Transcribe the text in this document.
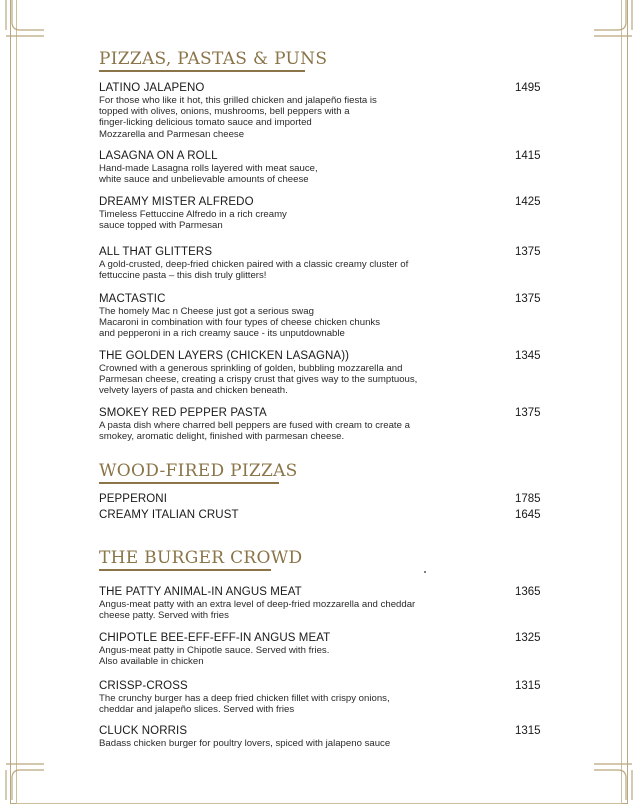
PIZZAS, PASTAS & PUNS
LATINO JALAPENO
For those who like it hot, this grilled chicken and jalapeño fiesta is
topped with olives, onions, mushrooms, bell peppers with a
finger-licking delicious tomato sauce and imported
Mozzarella and Parmesan cheese
1495
LASAGNA ON A ROLL
Hand-made Lasagna rolls layered with meat sauce,
white sauce and unbelievable amounts of cheese
1415
DREAMY MISTER ALFREDO
Timeless Fettuccine Alfredo in a rich creamy
sauce topped with Parmesan
1425
ALL THAT GLITTERS
A gold-crusted, deep-fried chicken paired with a classic creamy cluster of
fettuccine pasta – this dish truly glitters!
1375
MACTASTIC
The homely Mac n Cheese just got a serious swag
Macaroni in combination with four types of cheese chicken chunks
and pepperoni in a rich creamy sauce - its unputdownable
1375
THE GOLDEN LAYERS (CHICKEN LASAGNA))
Crowned with a generous sprinkling of golden, bubbling mozzarella and
Parmesan cheese, creating a crispy crust that gives way to the sumptuous,
velvety layers of pasta and chicken beneath.
1345
SMOKEY RED PEPPER PASTA
A pasta dish where charred bell peppers are fused with cream to create a
smokey, aromatic delight, finished with parmesan cheese.
1375
WOOD-FIRED PIZZAS
PEPPERONI	1785
CREAMY ITALIAN CRUST	1645
THE BURGER CROWD
THE PATTY ANIMAL-IN ANGUS MEAT
Angus-meat patty with an extra level of deep-fried mozzarella and cheddar
cheese patty. Served with fries
1365
CHIPOTLE BEE-EFF-EFF-IN ANGUS MEAT
Angus-meat patty in Chipotle sauce. Served with fries.
Also available in chicken
1325
CRISSP-CROSS
The crunchy burger has a deep fried chicken fillet with crispy onions,
cheddar and jalapeño slices. Served with fries
1315
CLUCK NORRIS
Badass chicken burger for poultry lovers, spiced with jalapeno sauce
1315
